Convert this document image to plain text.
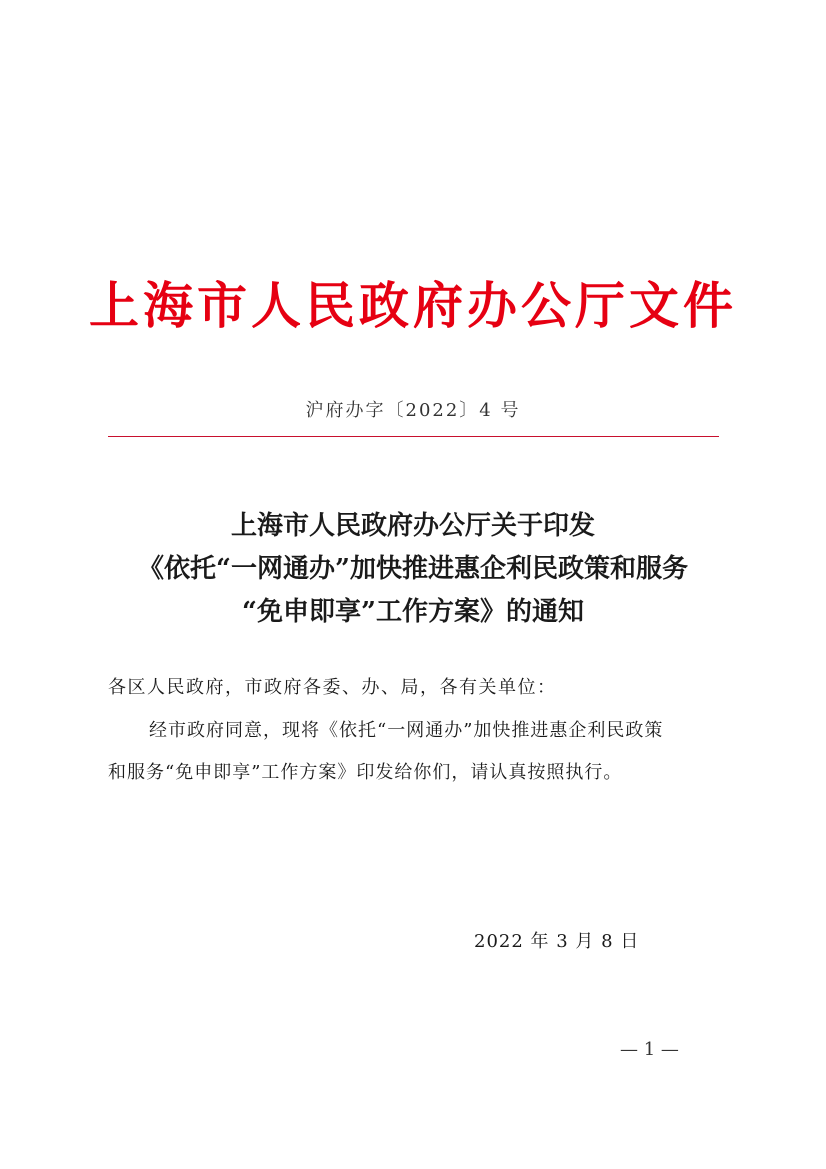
上海市人民政府办公厅文件
沪府办字〔2022〕4 号
上海市人民政府办公厅关于印发
《依托“一网通办”加快推进惠企利民政策和服务
“免申即享”工作方案》的通知
各区人民政府，市政府各委、办、局，各有关单位：
经市政府同意，现将《依托“一网通办”加快推进惠企利民政策
和服务“免申即享”工作方案》印发给你们，请认真按照执行。
2022 年 3 月 8 日
— 1 —
